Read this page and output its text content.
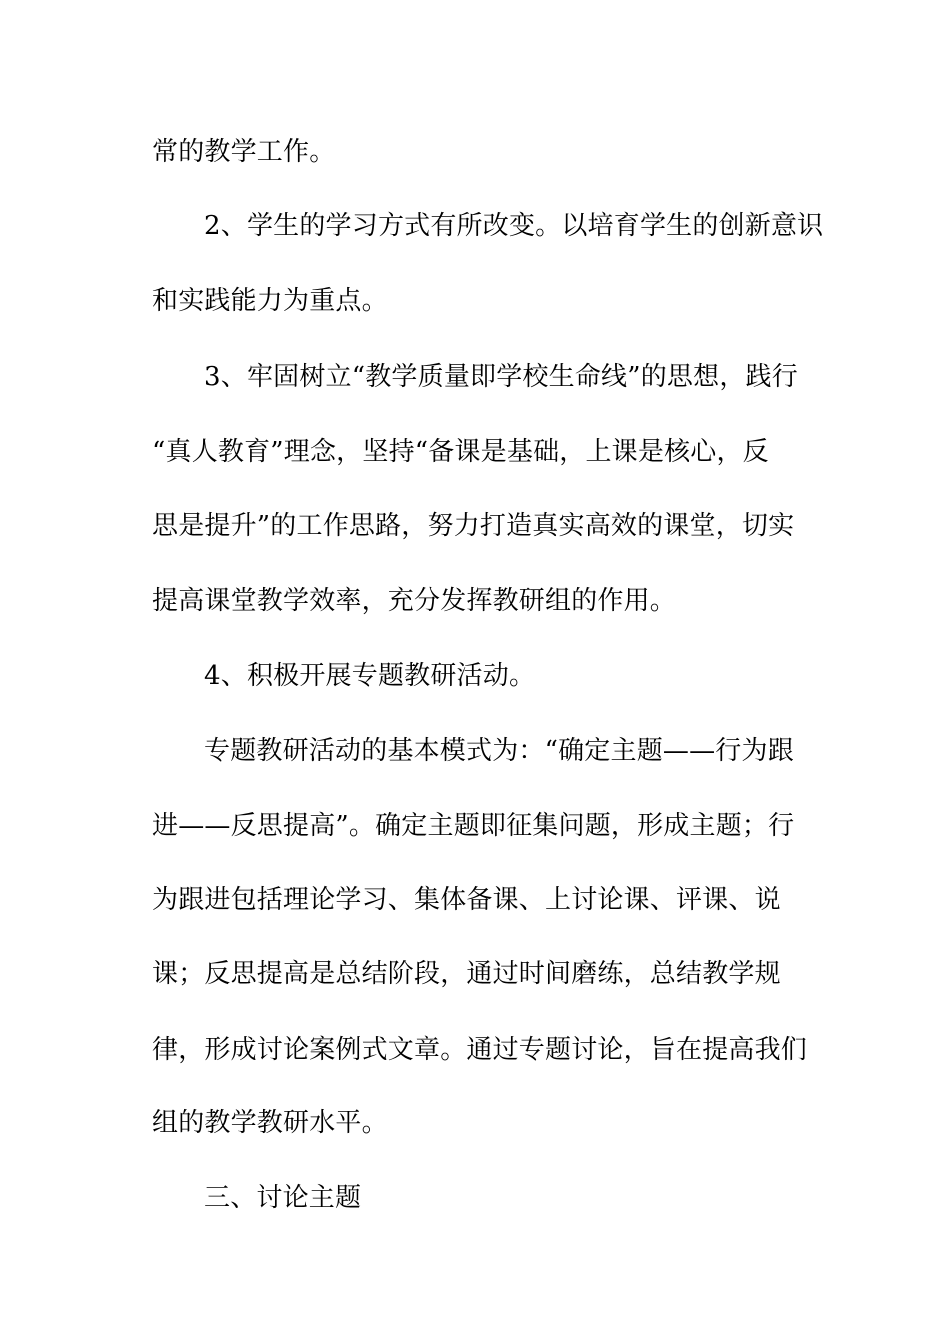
常的教学工作。
2、学生的学习方式有所改变。以培育学生的创新意识
和实践能力为重点。
3、牢固树立“教学质量即学校生命线”的思想，践行
“真人教育”理念，坚持“备课是基础，上课是核心，反
思是提升”的工作思路，努力打造真实高效的课堂，切实
提高课堂教学效率，充分发挥教研组的作用。
4、积极开展专题教研活动。
专题教研活动的基本模式为：“确定主题——行为跟
进——反思提高”。确定主题即征集问题，形成主题；行
为跟进包括理论学习、集体备课、上讨论课、评课、说
课；反思提高是总结阶段，通过时间磨练，总结教学规
律，形成讨论案例式文章。通过专题讨论，旨在提高我们
组的教学教研水平。
三、讨论主题
